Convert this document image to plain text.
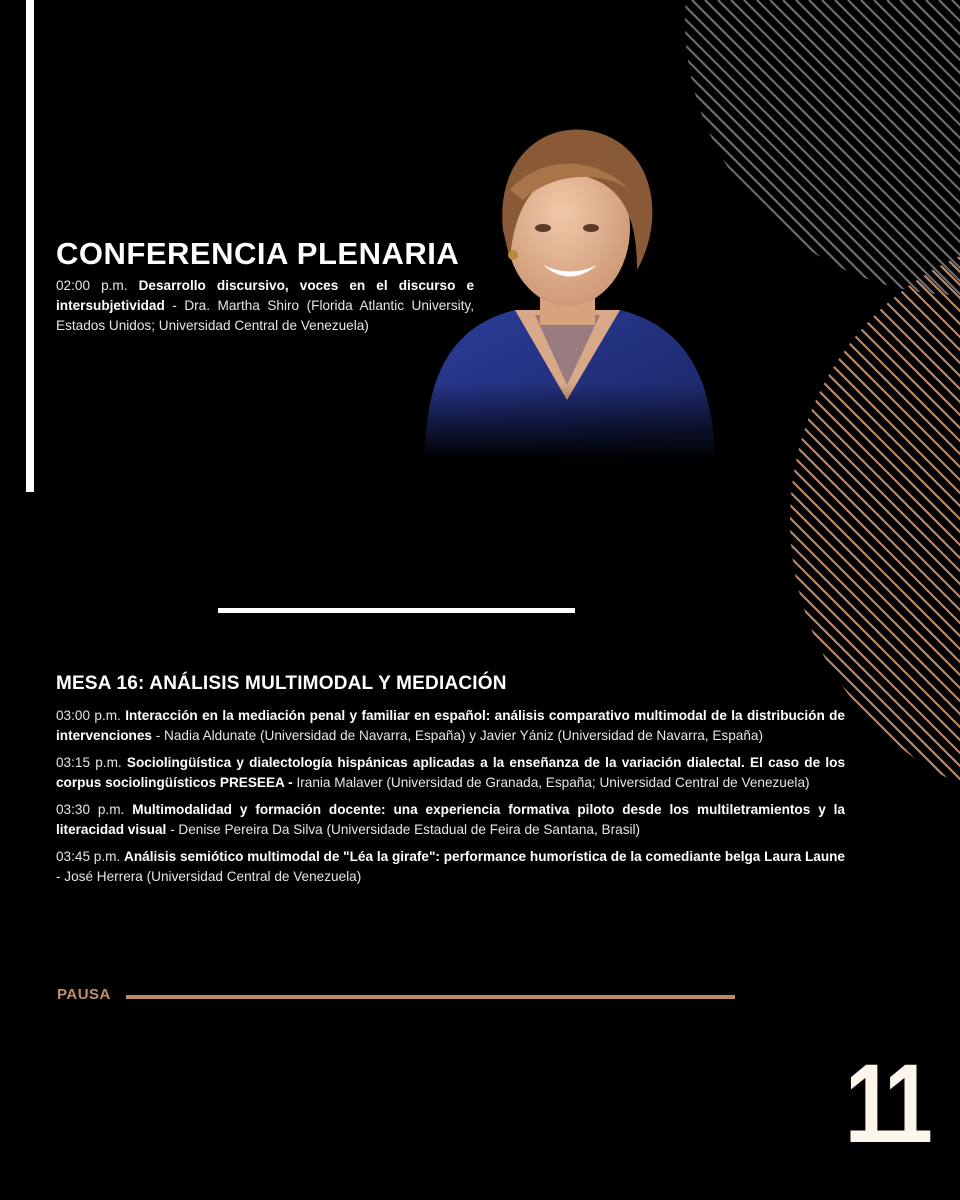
CONFERENCIA PLENARIA

02:00 p.m. Desarrollo discursivo, voces en el discurso e intersubjetividad - Dra. Martha Shiro (Florida Atlantic University, Estados Unidos; Universidad Central de Venezuela)

MESA 16: ANÁLISIS MULTIMODAL Y MEDIACIÓN

03:00 p.m. Interacción en la mediación penal y familiar en español: análisis comparativo multimodal de la distribución de intervenciones - Nadia Aldunate (Universidad de Navarra, España) y Javier Yániz (Universidad de Navarra, España)

03:15 p.m. Sociolingüística y dialectología hispánicas aplicadas a la enseñanza de la variación dialectal. El caso de los corpus sociolingüísticos PRESEEA - Irania Malaver (Universidad de Granada, España; Universidad Central de Venezuela)

03:30 p.m. Multimodalidad y formación docente: una experiencia formativa piloto desde los multiletramientos y la literacidad visual - Denise Pereira Da Silva (Universidade Estadual de Feira de Santana, Brasil)

03:45 p.m. Análisis semiótico multimodal de "Léa la girafe": performance humorística de la comediante belga Laura Laune - José Herrera (Universidad Central de Venezuela)

PAUSA
11
